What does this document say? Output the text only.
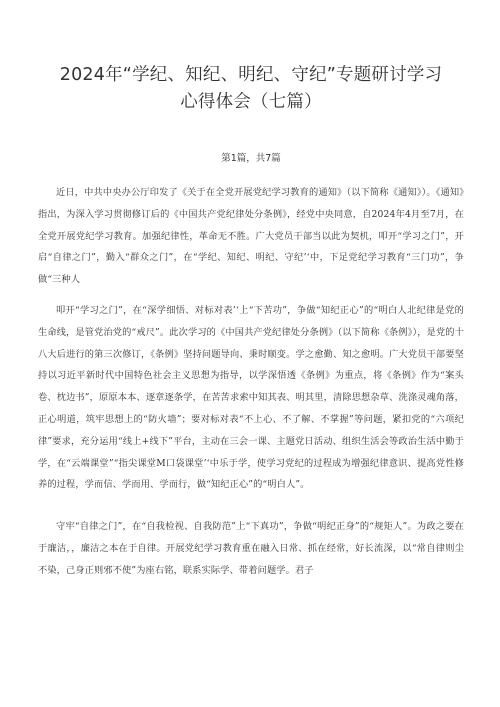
2024年“学纪、知纪、明纪、守纪”专题研讨学习
心得体会（七篇）
第1篇，共7篇

近日，中共中央办公厅印发了《关于在全党开展党纪学习教育的通知》（以下简称《通知》）。《通知》指出，为深入学习贯彻修订后的《中国共产党纪律处分条例》，经党中央同意，自2024年4月至7月，在全党开展党纪学习教育。加强纪律性，革命无不胜。广大党员干部当以此为契机，叩开“学习之门”，开启“自律之门”，勤入“群众之门”，在“学纪、知纪、明纪、守纪’‘中，下足党纪学习教育“三门功”，争做“三种人

叩开“学习之门”，在“深学细悟、对标对表’‘上“下苦功”，争做“知纪正心”的“明白人北纪律是党的生命线，是管党治党的“戒尺”。此次学习的《中国共产党纪律处分条例》（以下简称《条例》），是党的十八大后进行的第三次修订，《条例》坚持问题导向、秉时顺变。学之愈勤、知之愈明。广大党员干部要坚持以习近平新时代中国特色社会主义思想为指导，以学深悟透《条例》为重点，将《条例》作为“案头卷、枕边书”，原原本本、逐章逐条学，在苦苦求索中知其表、明其里，清除思想杂草、洗涤灵魂角落，正心明道，筑牢思想上的“防火墙”；要对标对表“不上心、不了解、不掌握”等问题，紧扣党的“六项纪律”要求，充分运用“线上+线下”平台，主动在三会一课、主题党日活动、组织生活会等政治生活中勤于学，在“云端课堂”“指尖课堂M口袋课堂’‘中乐于学，使学习党纪的过程成为增强纪律意识、提高党性修养的过程，学而信、学而用、学而行，做“知纪正心”的“明白人”。

守牢“自律之门”，在“自我检视、自我防范”上“下真功”，争做“明纪正身”的“规矩人”。为政之要在于廉洁，，廉洁之本在于自律。开展党纪学习教育重在融入日常、抓在经常，好长流深，以“常自律则尘不染，己身正则邪不使”为座右铭，联系实际学、带着问题学。君子
